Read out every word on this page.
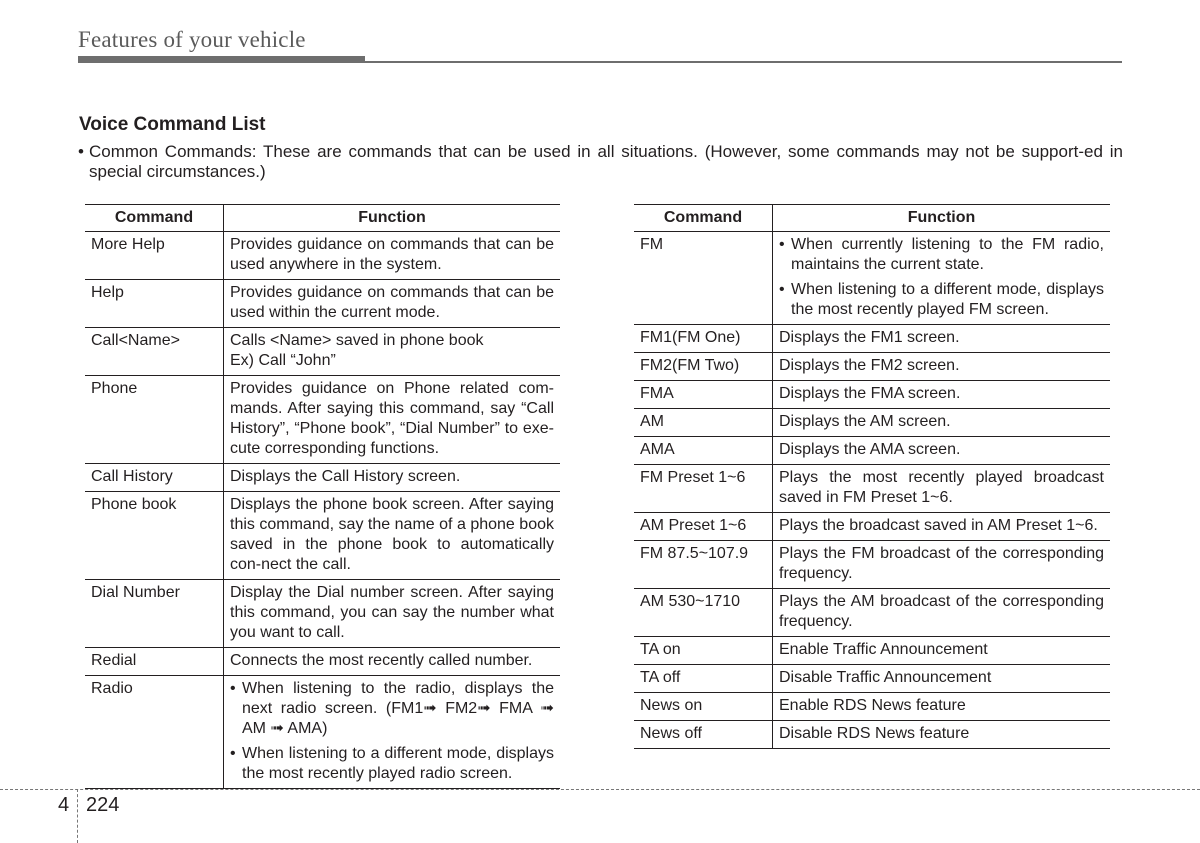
Features of your vehicle
Voice Command List
• Common Commands: These are commands that can be used in all situations. (However, some commands may not be support-ed in special circumstances.)
Command	Function
More Help	Provides guidance on commands that can be used anywhere in the system.
Help	Provides guidance on commands that can be used within the current mode.
Call<Name>	Calls <Name> saved in phone book
Ex) Call “John”

Phone	Provides guidance on Phone related com-mands. After saying this command, say “Call History”, “Phone book”, “Dial Number” to exe-cute corresponding functions.
Call History	Displays the Call History screen.
Phone book	Displays the phone book screen. After saying this command, say the name of a phone book saved in the phone book to automatically con-nect the call.
Dial Number	Display the Dial number screen. After saying this command, you can say the number what you want to call.
Redial	Connects the most recently called number.
Radio	• When listening to the radio, displays the next radio screen. (FM1➟ FM2➟ FMA ➟ AM ➟ AMA)
• When listening to a different mode, displays the most recently played radio screen.
Command	Function
FM	• When currently listening to the FM radio, maintains the current state.
• When listening to a different mode, displays the most recently played FM screen.

FM1(FM One)	Displays the FM1 screen.
FM2(FM Two)	Displays the FM2 screen.
FMA	Displays the FMA screen.
AM	Displays the AM screen.
AMA	Displays the AMA screen.
FM Preset 1~6	Plays the most recently played broadcast saved in FM Preset 1~6.
AM Preset 1~6	Plays the broadcast saved in AM Preset 1~6.
FM 87.5~107.9	Plays the FM broadcast of the corresponding frequency.
AM 530~1710	Plays the AM broadcast of the corresponding frequency.
TA on	Enable Traffic Announcement
TA off	Disable Traffic Announcement
News on	Enable RDS News feature
News off	Disable RDS News feature
4 224
